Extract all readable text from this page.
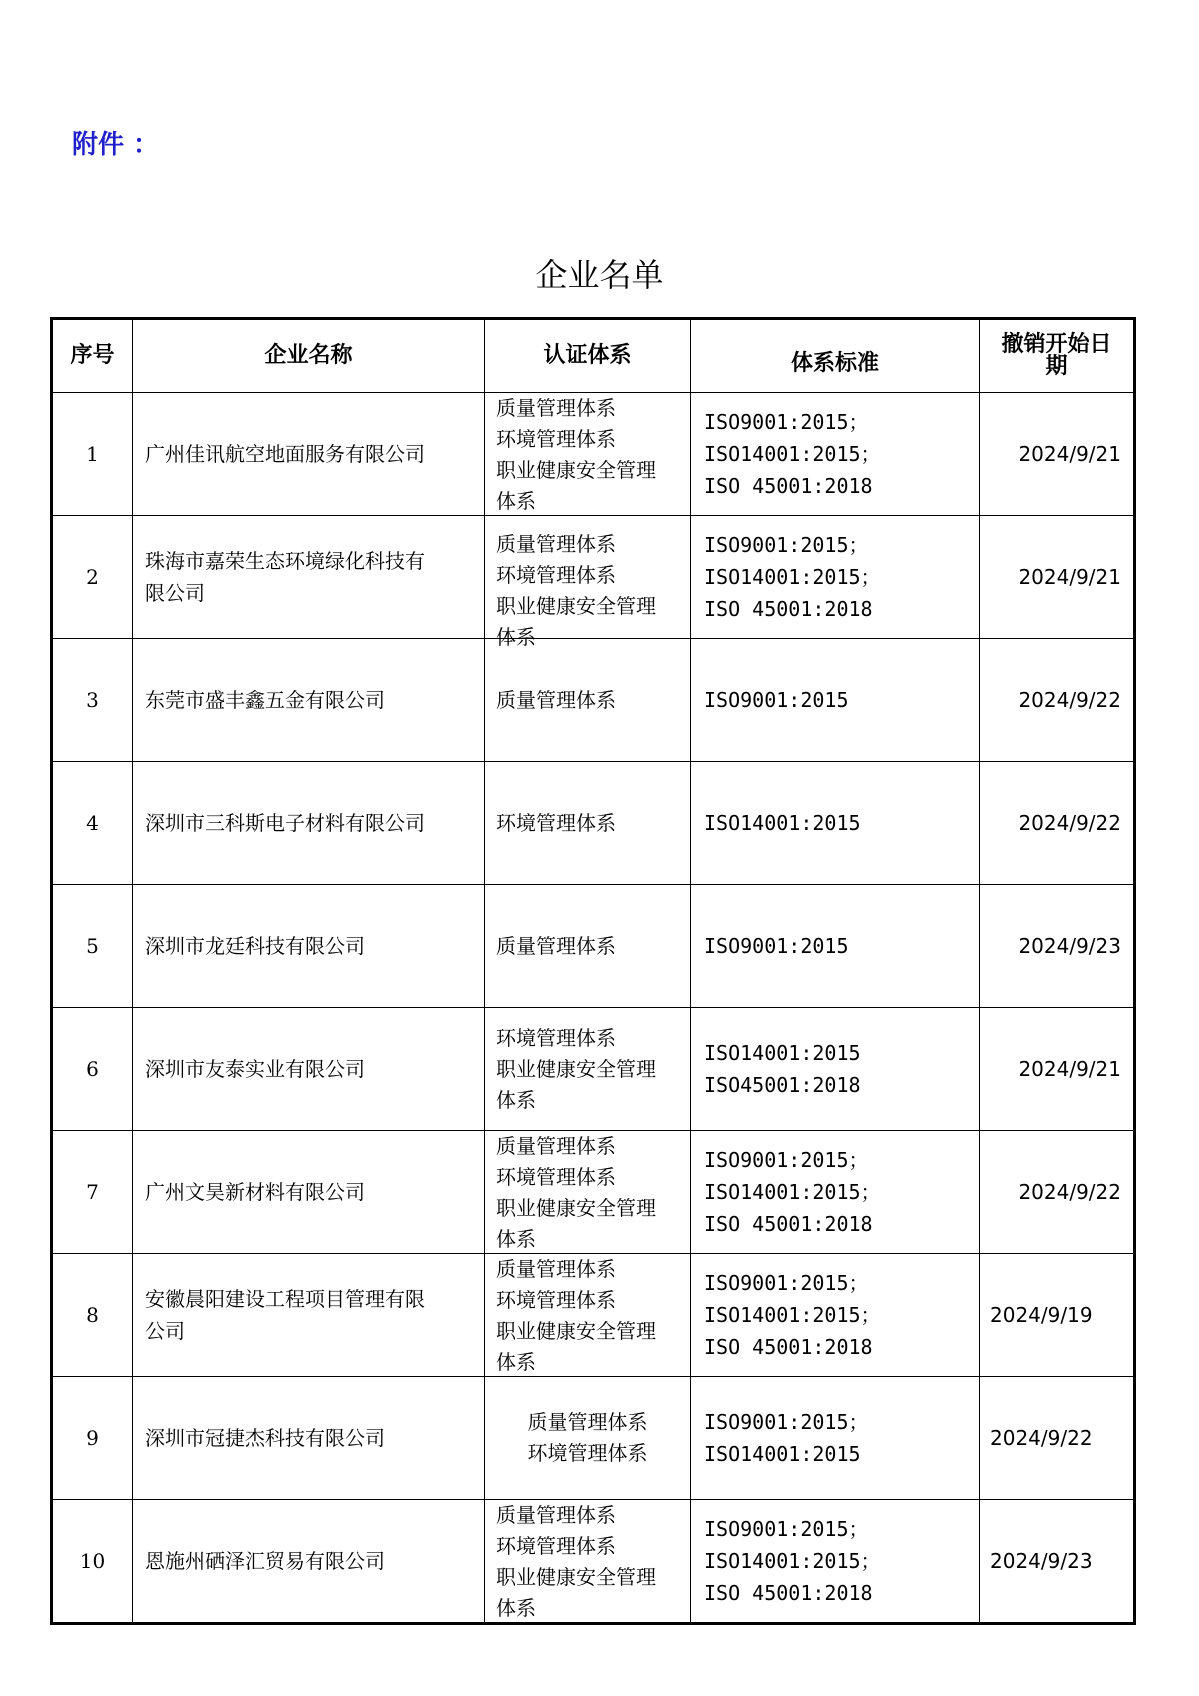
附件 ：
企业名单
序号	企业名称	认证体系	体系标准	撤销开始日
期

1	广州佳讯航空地面服务有限公司	质量管理体系
环境管理体系
职业健康安全管理
体系	ISO9001:2015；
ISO14001:2015；
ISO 45001:2018	2024/9/21
2	珠海市嘉荣生态环境绿化科技有
限公司	质量管理体系
环境管理体系
职业健康安全管理
体系	ISO9001:2015；
ISO14001:2015；
ISO 45001:2018	2024/9/21
3	东莞市盛丰鑫五金有限公司	质量管理体系	ISO9001:2015	2024/9/22
4	深圳市三科斯电子材料有限公司	环境管理体系	ISO14001:2015	2024/9/22
5	深圳市龙廷科技有限公司	质量管理体系	ISO9001:2015	2024/9/23
6	深圳市友泰实业有限公司	环境管理体系
职业健康安全管理
体系	ISO14001:2015
ISO45001:2018	2024/9/21
7	广州文昊新材料有限公司	质量管理体系
环境管理体系
职业健康安全管理
体系	ISO9001:2015；
ISO14001:2015；
ISO 45001:2018	2024/9/22
8	安徽晨阳建设工程项目管理有限
公司	质量管理体系
环境管理体系
职业健康安全管理
体系	ISO9001:2015；
ISO14001:2015；
ISO 45001:2018	2024/9/19
9	深圳市冠捷杰科技有限公司	质量管理体系
环境管理体系	ISO9001:2015；
ISO14001:2015	2024/9/22
10	恩施州硒泽汇贸易有限公司	质量管理体系
环境管理体系
职业健康安全管理
体系	ISO9001:2015；
ISO14001:2015；
ISO 45001:2018	2024/9/23
